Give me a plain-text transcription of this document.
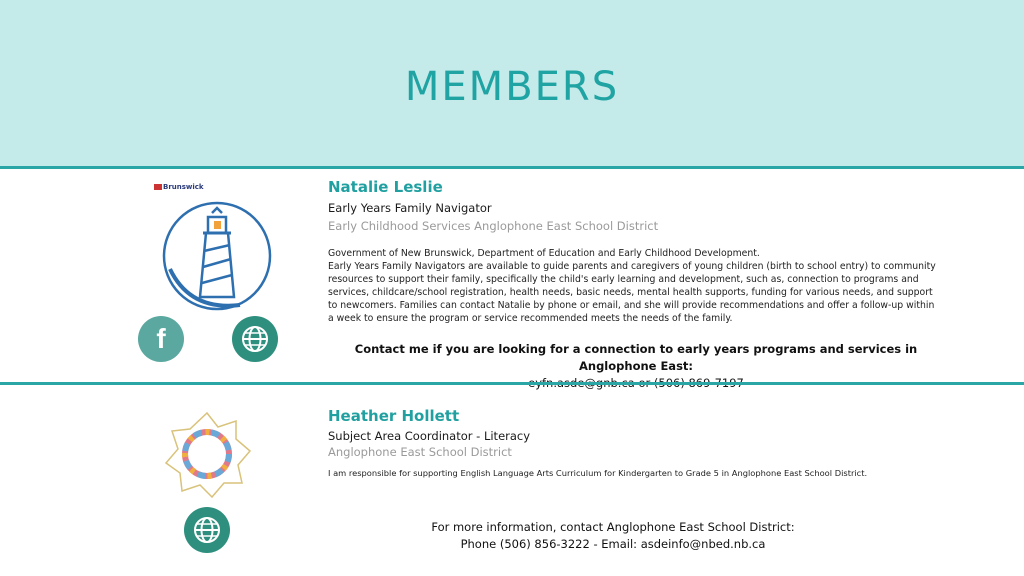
MEMBERS
Brunswick
f
Natalie Leslie
Early Years Family Navigator
Early Childhood Services Anglophone East School District

Government of New Brunswick, Department of Education and Early Childhood Development.

Early Years Family Navigators are available to guide parents and caregivers of young children (birth to school entry) to community resources to support their family, specifically the child's early learning and development, such as, connection to programs and services, childcare/school registration, health needs, basic needs, mental health supports, funding for various needs, and support to newcomers. Families can contact Natalie by phone or email, and she will provide recommendations and offer a follow-up within a week to ensure the program or service recommended meets the needs of the family.

Contact me if you are looking for a connection to early years programs and services in Anglophone East:
Heather Hollett
Subject Area Coordinator - Literacy
Anglophone East School District
I am responsible for supporting English Language Arts Curriculum for Kindergarten to Grade 5 in Anglophone East School District.
For more information, contact Anglophone East School District:
Phone (506) 856-3222 - Email: asdeinfo@nbed.nb.ca
